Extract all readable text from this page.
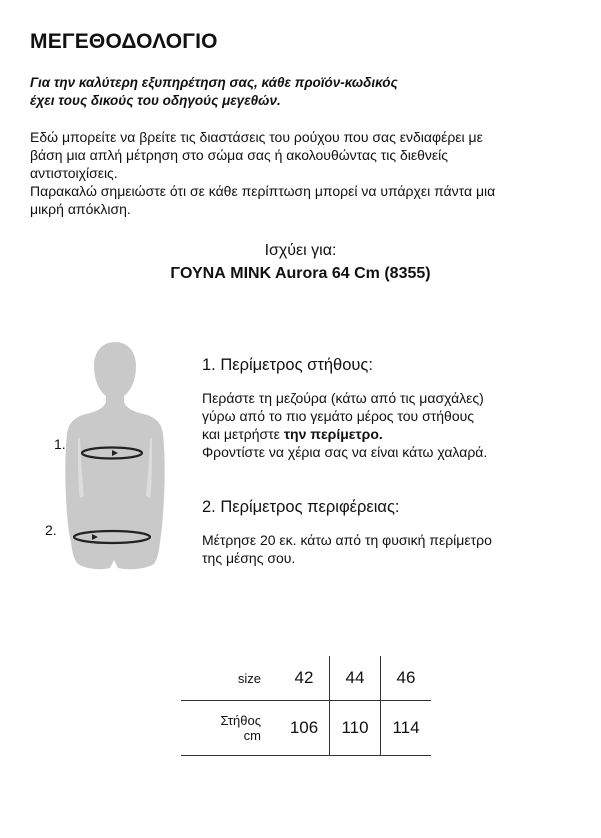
ΜΕΓΕΘΟΔΟΛΟΓΙΟ
Για την καλύτερη εξυπηρέτηση σας, κάθε προϊόν-κωδικός
έχει τους δικούς του οδηγούς μεγεθών.

Εδώ μπορείτε να βρείτε τις διαστάσεις του ρούχου που σας ενδιαφέρει με

βάση μια απλή μέτρηση στο σώμα σας ή ακολουθώντας τις διεθνείς

αντιστοιχίσεις.

Παρακαλώ σημειώστε ότι σε κάθε περίπτωση μπορεί να υπάρχει πάντα μια

μικρή απόκλιση.

Ισχύει για:
ΓΟΥΝΑ MINK Aurora 64 Cm (8355)
1.
2.
1. Περίμετρος στήθους:

Περάστε τη μεζούρα (κάτω από τις μασχάλες)

γύρω από το πιο γεμάτο μέρος του στήθους

και μετρήστε την περίμετρο.

Φροντίστε να χέρια σας να είναι κάτω χαλαρά.

2. Περίμετρος περιφέρειας:

Μέτρησε 20 εκ. κάτω από τη φυσική περίμετρο

της μέσης σου.

size	42	44	46
Στήθος
cm	106	110	114
